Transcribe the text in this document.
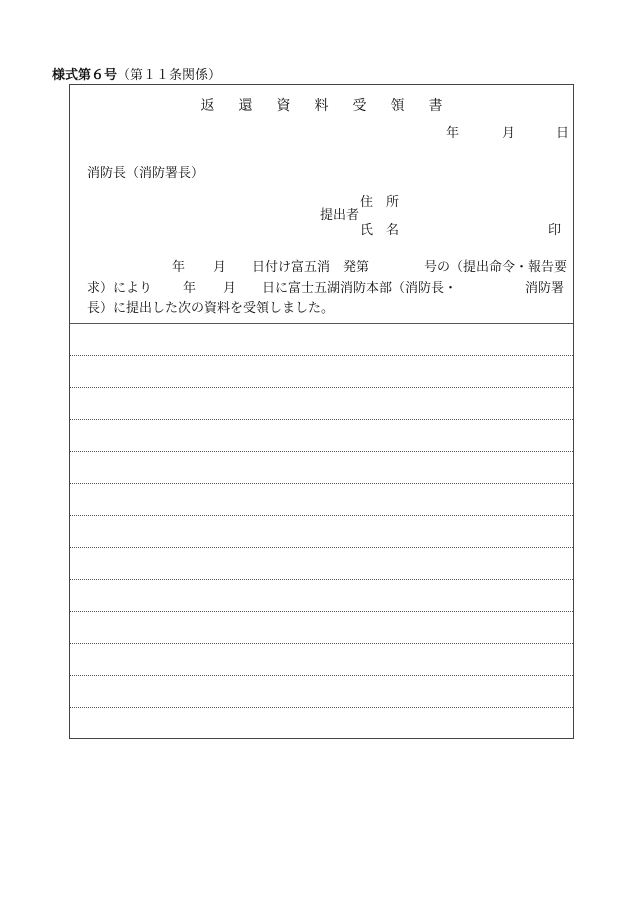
様式第６号（第１１条関係）
返還資料受領書
年	月	日
消防長（消防署長）
住　所
提出者
氏　名	印
年 月 日付け富五消　発第	号の（提出命令・報告要
求）により 年 月 日に富士五湖消防本部（消防長・	消防署
長）に提出した次の資料を受領しました。
